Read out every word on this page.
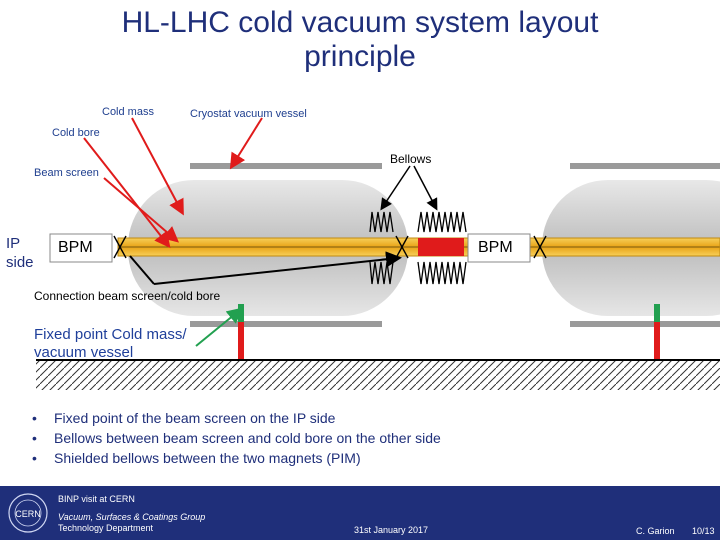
HL-LHC cold vacuum system layout
principle
Cold mass	Cryostat vacuum vessel
Cold bore
Bellows
Beam screen
IP
side
BPM	BPM
Connection beam screen/cold bore
Fixed point Cold mass/ vacuum vessel
• Fixed point of the beam screen on the IP side
• Bellows between beam screen and cold bore on the other side
• Shielded bellows between the two magnets (PIM)
CERN
BINP visit at CERN
Vacuum, Surfaces & Coatings Group
Technology Department	31st January 2017	C. Garion 10/13
